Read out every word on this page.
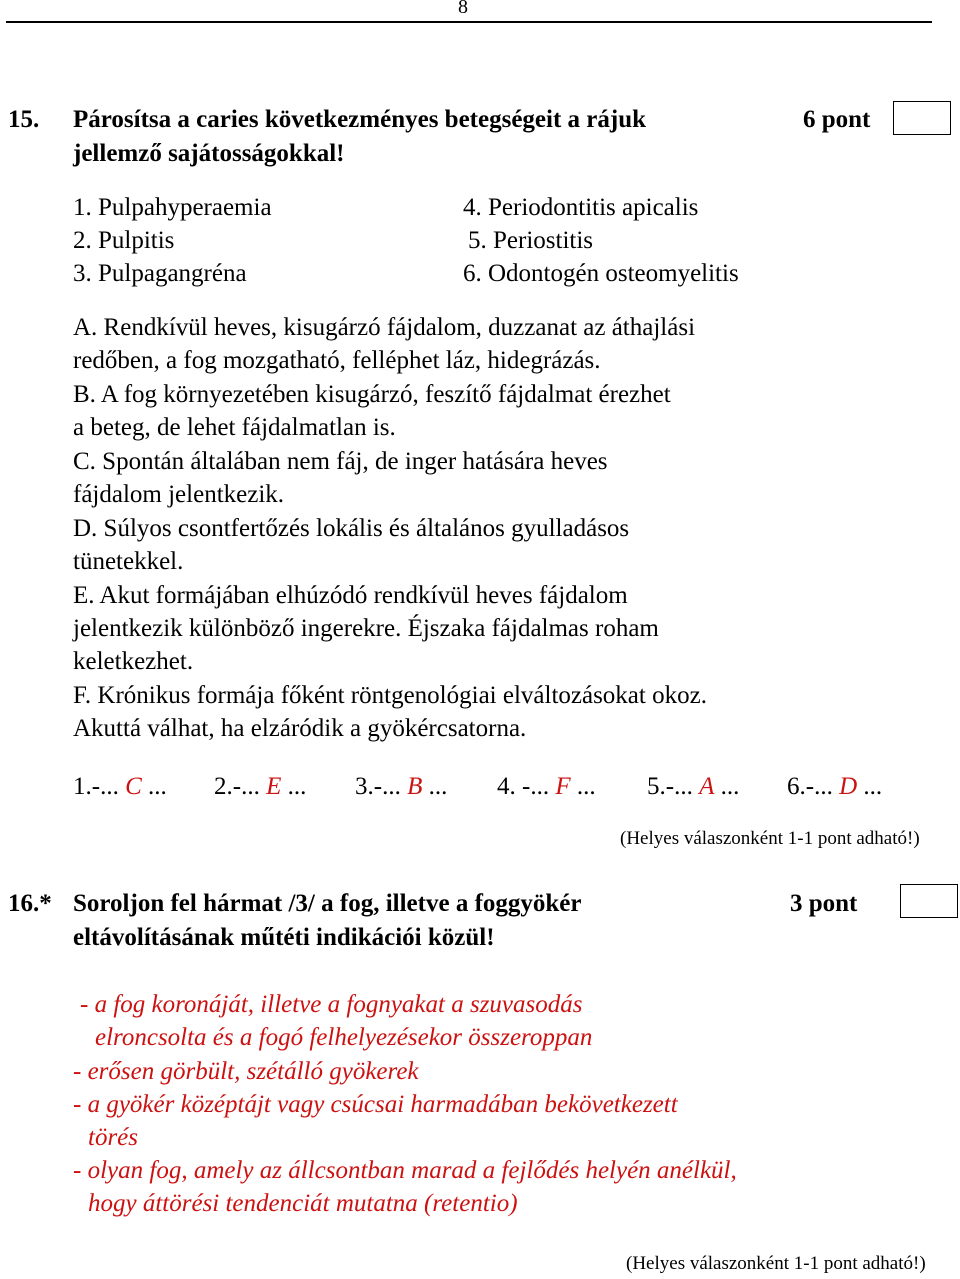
8
15. Párosítsa a caries következményes betegségeit a rájuk
jellemző sajátosságokkal!
6 pont
1. Pulpahyperaemia
2. Pulpitis
3. Pulpagangréna
4. Periodontitis apicalis
5. Periostitis
6. Odontogén osteomyelitis
A. Rendkívül heves, kisugárzó fájdalom, duzzanat az áthajlási
redőben, a fog mozgatható, felléphet láz, hidegrázás.
B. A fog környezetében kisugárzó, feszítő fájdalmat érezhet
a beteg, de lehet fájdalmatlan is.
C. Spontán általában nem fáj, de inger hatására heves
fájdalom jelentkezik.
D. Súlyos csontfertőzés lokális és általános gyulladásos
tünetekkel.
E. Akut formájában elhúzódó rendkívül heves fájdalom
jelentkezik különböző ingerekre. Éjszaka fájdalmas roham
keletkezhet.
F. Krónikus formája főként röntgenológiai elváltozásokat okoz.
Akuttá válhat, ha elzáródik a gyökércsatorna.
1.-... C ... 2.-... E ... 3.-... B ... 4. -... F ... 5.-... A ... 6.-... D ...
(Helyes válaszonként 1-1 pont adható!)
16.* Soroljon fel hármat /3/ a fog, illetve a foggyökér
eltávolításának műtéti indikációi közül!
3 pont
- a fog koronáját, illetve a fognyakat a szuvasodás
elroncsolta és a fogó felhelyezésekor összeroppan
- erősen görbült, szétálló gyökerek
- a gyökér középtájt vagy csúcsai harmadában bekövetkezett
törés
- olyan fog, amely az állcsontban marad a fejlődés helyén anélkül,
hogy áttörési tendenciát mutatna (retentio)
(Helyes válaszonként 1-1 pont adható!)
